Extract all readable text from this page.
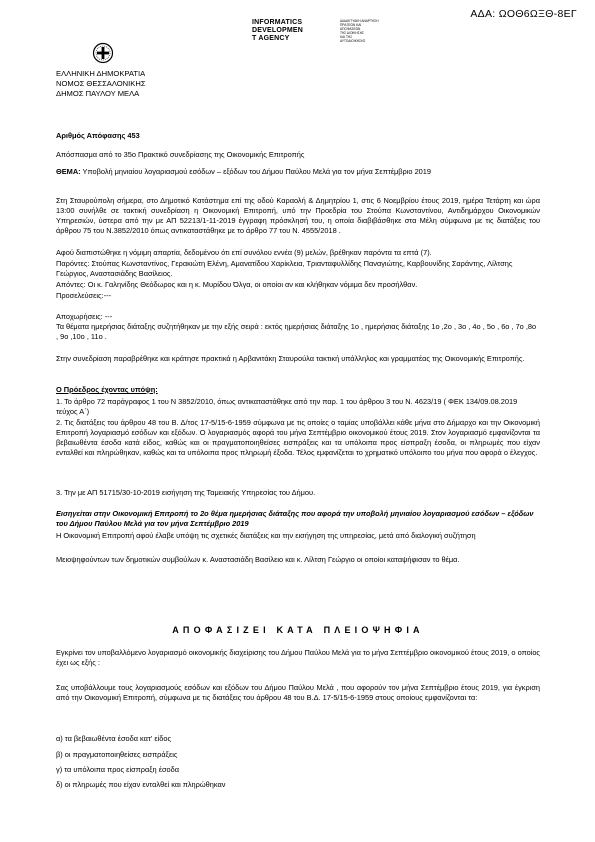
ΑΔΑ: ΩΟΘ6ΩΞΘ-8ΕΓ
INFORMATICS
DEVELOPMEN
T AGENCY
ΔΙΑΔΙΚΤΥΑΚΗ ΑΝΑΡΤΗΣΗ
ΠΡΑΞΕΩΝ ΚΑΙ
ΑΠΟΦΑΣΕΩΝ
ΤΗΣ ΔΙΟΙΚΗΣΗΣ
ΚΑΙ ΤΗΣ
ΑΥΤΟΔΙΟΙΚΗΣΗΣ
ΕΛΛΗΝΙΚΗ ΔΗΜΟΚΡΑΤΙΑ
ΝΟΜΟΣ ΘΕΣΣΑΛΟΝΙΚΗΣ
ΔΗΜΟΣ ΠΑΥΛΟΥ ΜΕΛΑ
Αριθμός Απόφασης 453
Απόσπασμα από το 35ο Πρακτικό συνεδρίασης της Οικονομικής Επιτροπής
ΘΕΜΑ: Υποβολή μηνιαίου λογαριασμού εσόδων – εξόδων του Δήμου Παύλου Μελά για τον μήνα Σεπτέμβριο 2019
Στη Σταυρούπολη σήμερα, στο Δημοτικό Κατάστημα επί της οδού Καραολή & Δημητρίου 1, στις 6 Νοεμβρίου έτους 2019, ημέρα Τετάρτη και ώρα 13:00 συνήλθε σε τακτική συνεδρίαση η Οικονομική Επιτροπή, υπό την Προεδρία του Στούπα Κωνσταντίνου, Αντιδημάρχου Οικονομικών Υπηρεσιών, ύστερα από την με ΑΠ 52213/1-11-2019 έγγραφη πρόσκλησή του, η οποία διαβιβάσθηκε στα Μέλη σύμφωνα με τις διατάξεις του άρθρου 75 του Ν.3852/2010 όπως αντικαταστάθηκε με το άρθρο 77 του Ν. 4555/2018 .
Αφού διαπιστώθηκε η νόμιμη απαρτία, δεδομένου ότι επί συνόλου εννέα (9) μελών, βρέθηκαν παρόντα τα επτά (7).
Παρόντες: Στούπας Κωνσταντίνος, Γερακιώτη Ελένη, Αμανατίδου Χαρίκλεια, Τριανταφυλλίδης Παναγιώτης, Καρβουνίδης Σαράντης, Λίλτσης Γεώργιος, Αναστασιάδης Βασίλειος.
Απόντες: Οι κ. Γαληνίδης Θεόδωρος και η κ. Μυρίδου Όλγα, οι οποίοι αν και κλήθηκαν νόμιμα δεν προσήλθαν.
Προσελεύσεις:---
Αποχωρήσεις: ---
Τα θέματα ημερήσιας διάταξης συζητήθηκαν με την εξής σειρά : εκτός ημερήσιας διάταξης 1ο , ημερήσιας διάταξης 1ο ,2ο , 3ο , 4ο , 5ο , 6ο , 7ο ,8ο , 9ο ,10ο , 11ο .
Στην συνεδρίαση παραβρέθηκε και κράτησε πρακτικά η Αρβανιτάκη Σταυρούλα τακτική υπάλληλος και γραμματέας της Οικονομικής Επιτροπής.
Ο Πρόεδρος έχοντας υπόψη:
1. Το άρθρο 72 παράγραφος 1 του Ν 3852/2010, όπως αντικαταστάθηκε από την παρ. 1 του άρθρου 3 του Ν. 4623/19 ( ΦΕΚ 134/09.08.2019 τεύχος Α΄)
2. Τις διατάξεις του άρθρου 48 του Β. Δ/τος 17-5/15-6-1959 σύμφωνα με τις οποίες ο ταμίας υποβάλλει κάθε μήνα στο Δήμαρχο και την Οικονομική Επιτροπή λογαριασμό εσόδων και εξόδων. Ο λογαριασμός αφορά του μήνα Σεπτέμβριο οικονομικού έτους 2019. Στον λογαριασμό εμφανίζονται τα βεβαιωθέντα έσοδα κατά είδος, καθώς και οι πραγματοποιηθείσες εισπράξεις και τα υπόλοιπα προς είσπραξη έσοδα, οι πληρωμές που είχαν ενταλθεί και πληρώθηκαν, καθώς και τα υπόλοιπα προς πληρωμή έξοδα. Τέλος εμφανίζεται το χρηματικό υπόλοιπο του μήνα που αφορά ο έλεγχος.
3. Την με ΑΠ 51715/30-10-2019 εισήγηση της Ταμειακής Υπηρεσίας του Δήμου.
Εισηγείται στην Οικονομική Επιτροπή το 2ο θέμα ημερήσιας διάταξης που αφορά την υποβολή μηνιαίου λογαριασμού εσόδων – εξόδων του Δήμου Παύλου Μελά για τον μήνα Σεπτέμβριο 2019
Η Οικονομική Επιτροπή αφού έλαβε υπόψη τις σχετικές διατάξεις και την εισήγηση της υπηρεσίας, μετά από διαλογική συζήτηση
Μειοψηφούντων των δημοτικών συμβούλων κ. Αναστασιάδη Βασίλειο και κ. Λίλτση Γεώργιο οι οποίοι καταψήφισαν το θέμα.
ΑΠΟΦΑΣΙΖΕΙ ΚΑΤΑ ΠΛΕΙΟΨΗΦΙΑ
Εγκρίνει τον υποβαλλόμενο λογαριασμό οικονομικής διαχείρισης του Δήμου Παύλου Μελά για το μήνα Σεπτέμβριο οικονομικού έτους 2019, ο οποίος έχει ως εξής :
Σας υποβάλλουμε τους λογαριασμούς εσόδων και εξόδων του Δήμου Παύλου Μελά , που αφορούν τον μήνα Σεπτέμβριο έτους 2019, για έγκριση από την Οικονομική Επιτροπή, σύμφωνα με τις διατάξεις του άρθρου 48 του Β.Δ. 17-5/15-6-1959 στους οποίους εμφανίζονται τα:
α) τα βεβαιωθέντα έσοδα κατ' είδος
β) οι πραγματοποιηθείσες εισπράξεις
γ) τα υπόλοιπα προς είσπραξη έσοδα
δ) οι πληρωμές που είχαν ενταλθεί και πληρώθηκαν
